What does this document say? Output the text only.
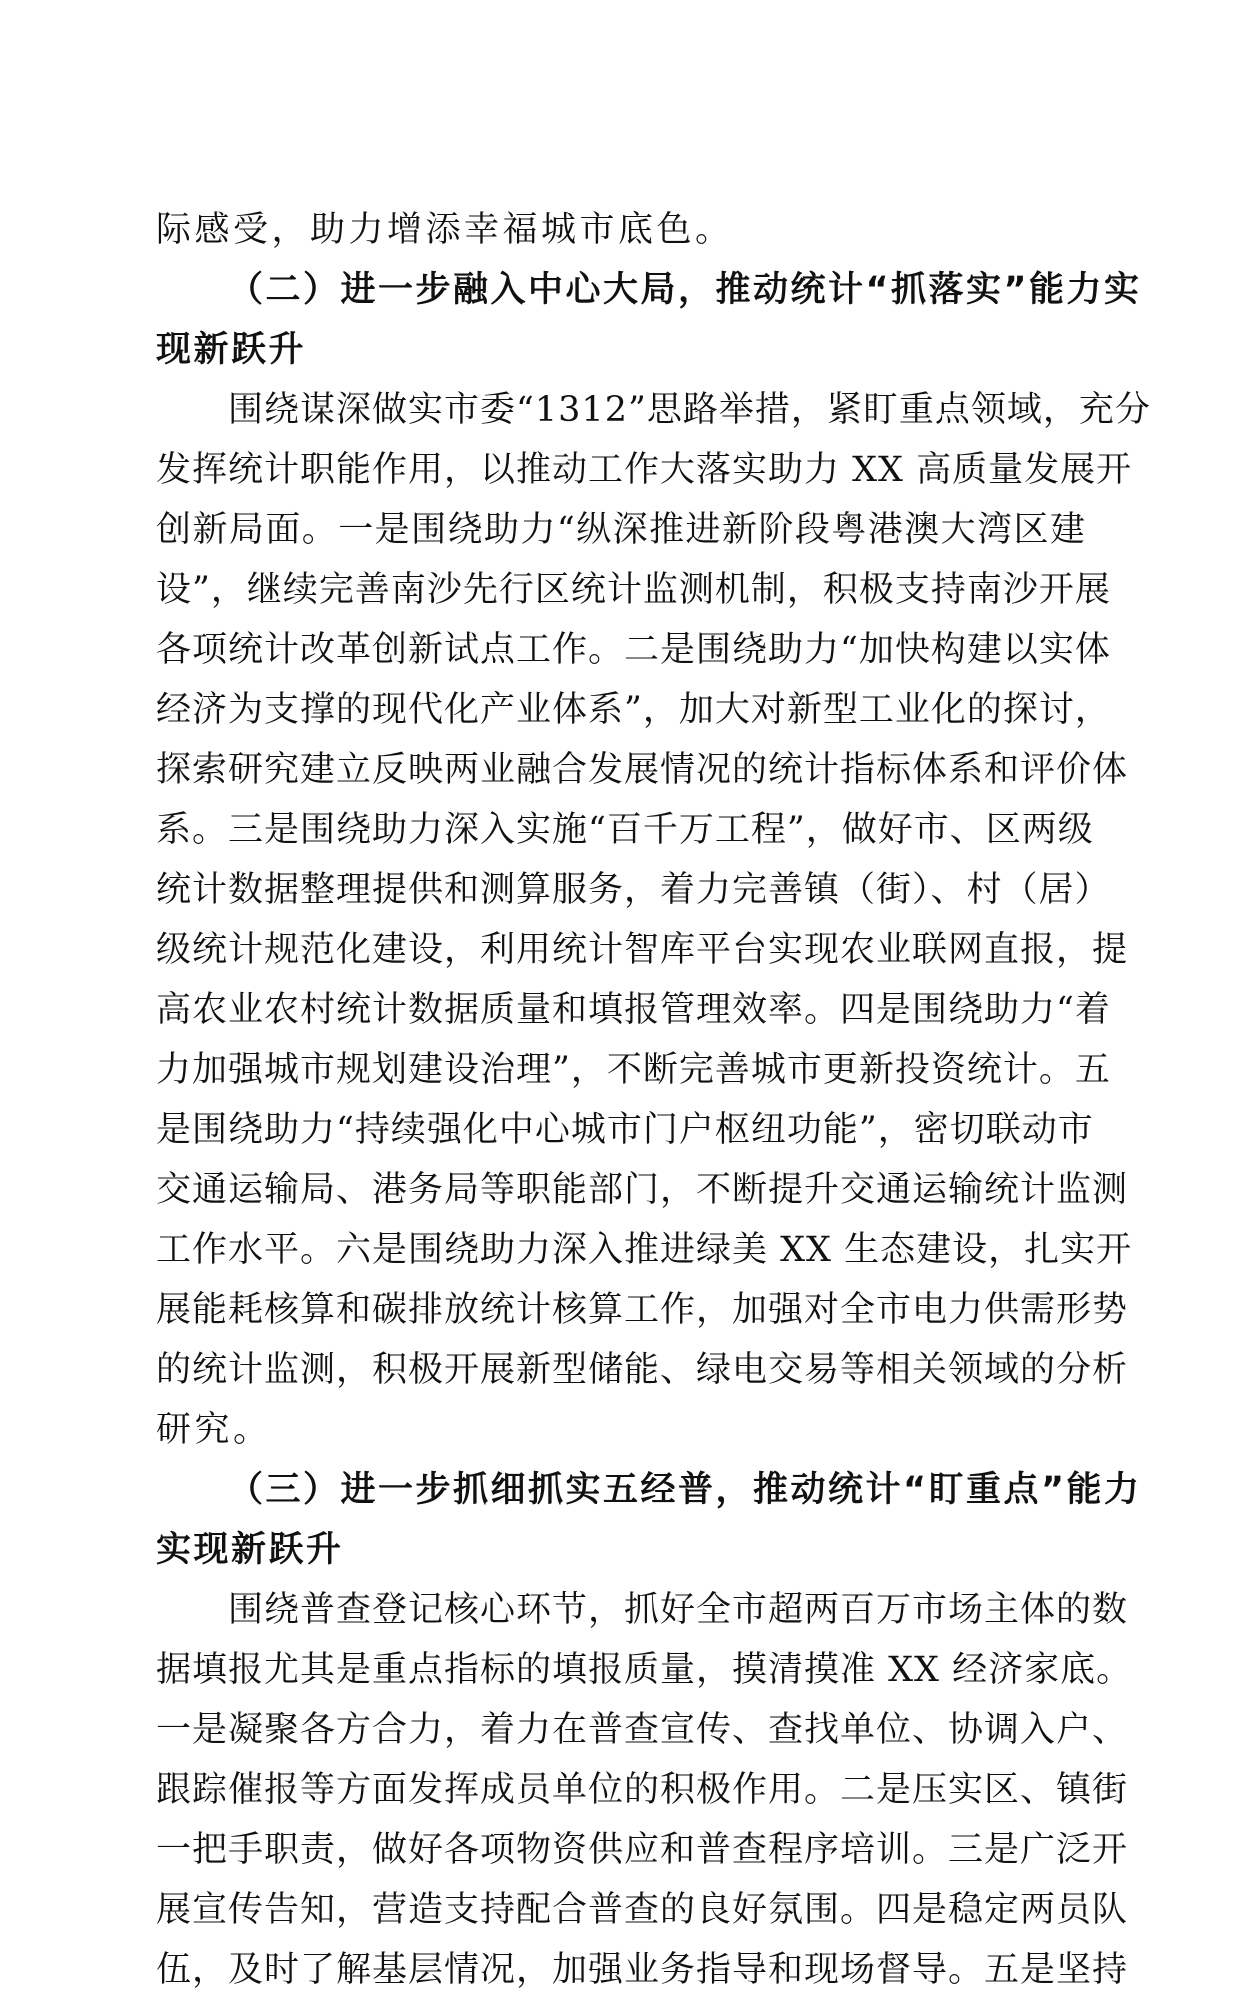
际感受，助力增添幸福城市底色。
（二）进一步融入中心大局，推动统计“抓落实”能力实
现新跃升
围绕谋深做实市委“1312”思路举措，紧盯重点领域，充分
发挥统计职能作用，以推动工作大落实助力 XX 高质量发展开
创新局面。一是围绕助力“纵深推进新阶段粤港澳大湾区建
设”，继续完善南沙先行区统计监测机制，积极支持南沙开展
各项统计改革创新试点工作。二是围绕助力“加快构建以实体
经济为支撑的现代化产业体系”，加大对新型工业化的探讨，
探索研究建立反映两业融合发展情况的统计指标体系和评价体
系。三是围绕助力深入实施“百千万工程”，做好市、区两级
统计数据整理提供和测算服务，着力完善镇（街）、村（居）
级统计规范化建设，利用统计智库平台实现农业联网直报，提
高农业农村统计数据质量和填报管理效率。四是围绕助力“着
力加强城市规划建设治理”，不断完善城市更新投资统计。五
是围绕助力“持续强化中心城市门户枢纽功能”，密切联动市
交通运输局、港务局等职能部门，不断提升交通运输统计监测
工作水平。六是围绕助力深入推进绿美 XX 生态建设，扎实开
展能耗核算和碳排放统计核算工作，加强对全市电力供需形势
的统计监测，积极开展新型储能、绿电交易等相关领域的分析
研究。
（三）进一步抓细抓实五经普，推动统计“盯重点”能力
实现新跃升
围绕普查登记核心环节，抓好全市超两百万市场主体的数
据填报尤其是重点指标的填报质量，摸清摸准 XX 经济家底。
一是凝聚各方合力，着力在普查宣传、查找单位、协调入户、
跟踪催报等方面发挥成员单位的积极作用。二是压实区、镇街
一把手职责，做好各项物资供应和普查程序培训。三是广泛开
展宣传告知，营造支持配合普查的良好氛围。四是稳定两员队
伍，及时了解基层情况，加强业务指导和现场督导。五是坚持
